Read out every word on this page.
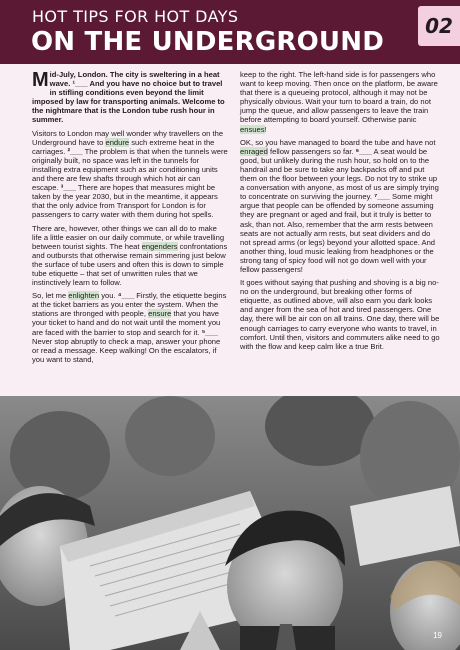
HOT TIPS FOR HOT DAYS
ON THE UNDERGROUND
02

Mid-July, London. The city is sweltering in a heat wave. ¹___ And you have no choice but to travel in stifling conditions even beyond the limit imposed by law for transporting animals. Welcome to the nightmare that is the London tube rush hour in summer.

Visitors to London may well wonder why travellers on the Underground have to endure such extreme heat in the carriages. ²___ The problem is that when the tunnels were originally built, no space was left in the tunnels for installing extra equipment such as air conditioning units and there are few shafts through which hot air can escape. ³___ There are hopes that measures might be taken by the year 2030, but in the meantime, it appears that the only advice from Transport for London is for passengers to carry water with them during hot spells.

There are, however, other things we can all do to make life a little easier on our daily commute, or while travelling between tourist sights. The heat engenders confrontations and outbursts that otherwise remain simmering just below the surface of tube users and often this is down to simple tube etiquette – that set of unwritten rules that we instinctively learn to follow.

So, let me enlighten you. ⁴___ Firstly, the etiquette begins at the ticket barriers as you enter the system. When the stations are thronged with people, ensure that you have your ticket to hand and do not wait until the moment you are faced with the barrier to stop and search for it. ⁵___ Never stop abruptly to check a map, answer your phone or read a message. Keep walking! On the escalators, if you want to stand,

keep to the right. The left-hand side is for passengers who want to keep moving. Then once on the platform, be aware that there is a queueing protocol, although it may not be physically obvious. Wait your turn to board a train, do not jump the queue, and allow passengers to leave the train before attempting to board yourself. Otherwise panic ensues!

OK, so you have managed to board the tube and have not enraged fellow passengers so far. ⁶___ A seat would be good, but unlikely during the rush hour, so hold on to the handrail and be sure to take any backpacks off and put them on the floor between your legs. Do not try to strike up a conversation with anyone, as most of us are simply trying to concentrate on surviving the journey. ⁷___ Some might argue that people can be offended by someone assuming they are pregnant or aged and frail, but it truly is better to ask, than not. Also, remember that the arm rests between seats are not actually arm rests, but seat dividers and do not spread arms (or legs) beyond your allotted space. And another thing, loud music leaking from headphones or the strong tang of spicy food will not go down well with your fellow passengers!

It goes without saying that pushing and shoving is a big no-no on the underground, but breaking other forms of etiquette, as outlined above, will also earn you dark looks and anger from the sea of hot and tired passengers. One day, there will be air con on all trains. One day, there will be enough carriages to carry everyone who wants to travel, in comfort. Until then, visitors and commuters alike need to go with the flow and keep calm like a true Brit.

19
